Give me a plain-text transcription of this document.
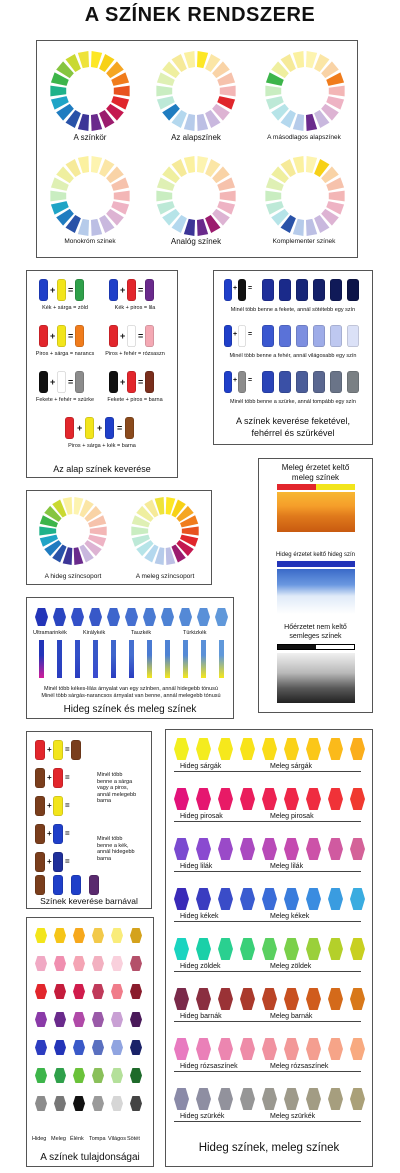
A SZÍNEK RENDSZERE
A színkör	Az alapszínek	A másodlagos alapszínek
Monokróm színek	Analóg színek	Komplementer színek
+ =
Kék + sárga = zöld
+ =
Kék + piros = lila
+ =
Piros + sárga = narancs
+ =
Piros + fehér = rózsaszn
+ =
Fekete + fehér = szürke
+ =
Fekete + piros = barna
+ + =
Piros + sárga + kék = barna
Az alap színek keverése
+ =
Minél több benne a fekete, annál sötétebb egy szín
+ =
Minél több benne a fehér, annál világosabb egy szín
+ =
Minél több benne a szürke, annál tompább egy szín
A színek keverése feketével,
fehérrel és szürkével
A hideg színcsoport	A meleg színcsoport
Meleg érzetet keltő
meleg színek
Hideg érzetet keltő hideg szín
Hőérzetet nem keltő
semleges színek
Ultramarinkék	Királykék	Tauzkék	Türkizkék
Minél több kékes-lilás árnyalat van egy színben, annál hidegebb tónusú
Minél több sárgás-narancsos árnyalat van benne, annál melegebb tónusú
Hideg színek és meleg színek
+ =
+ =
+ =
+ =
+ =
Minél több
benne a sárga
vagy a piros,
annál melegebb
barna
Minél több
benne a kék,
annál hidegebb
barna
Színek keverése barnával
Hideg Meleg Élénk Tompa Világos Sötét
A színek tulajdonságai
Hideg sárgák	Meleg sárgák
Hideg pirosak	Meleg pirosak
Hideg lilák	Meleg lilák
Hideg kékek	Meleg kékek
Hideg zöldek	Meleg zöldek
Hideg barnák	Meleg barnák
Hideg rózsaszínek	Meleg rózsaszínek
Hideg szürkék	Meleg szürkék
Hideg színek, meleg színek
